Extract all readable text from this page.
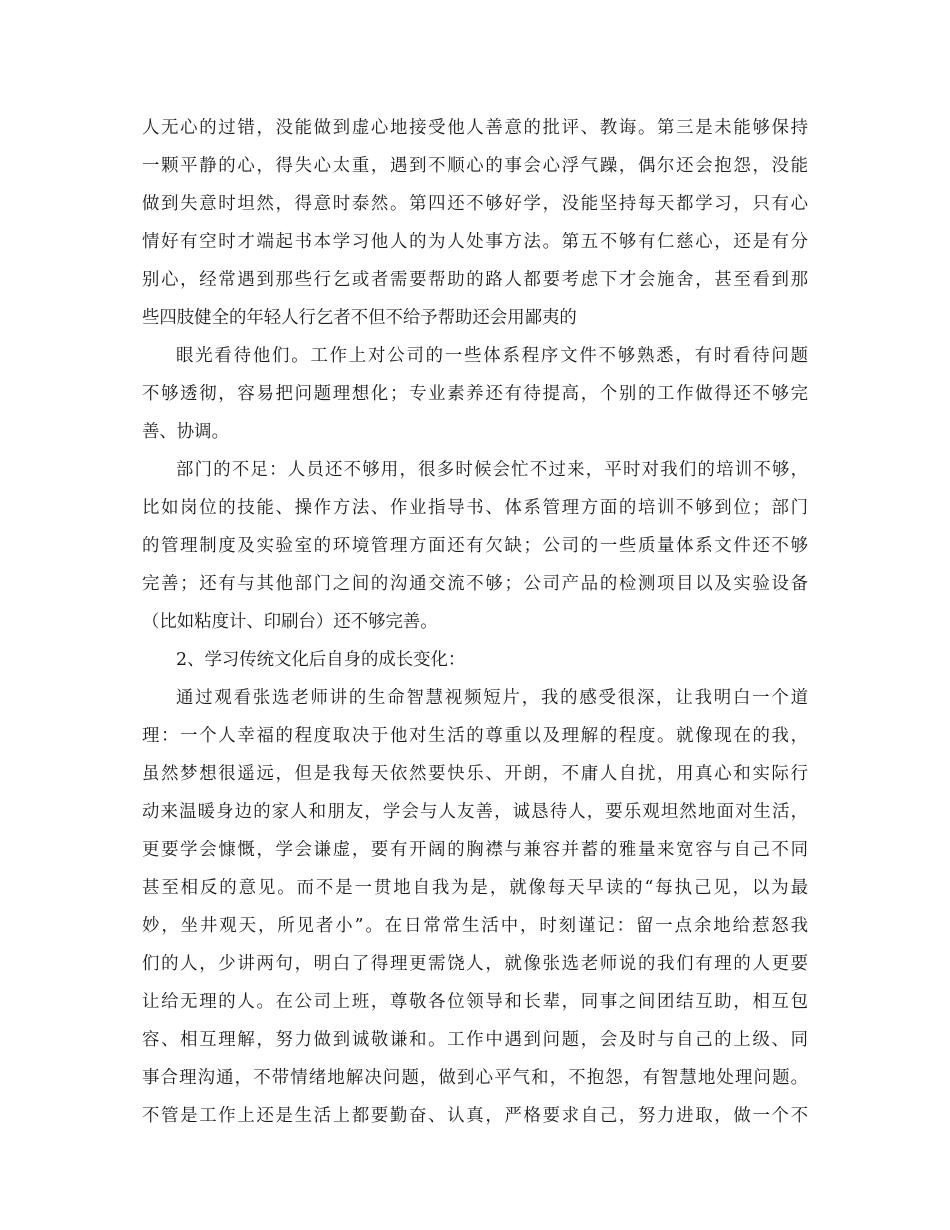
人无心的过错，没能做到虚心地接受他人善意的批评、教诲。第三是未能够保持
一颗平静的心，得失心太重，遇到不顺心的事会心浮气躁，偶尔还会抱怨，没能
做到失意时坦然，得意时泰然。第四还不够好学，没能坚持每天都学习，只有心
情好有空时才端起书本学习他人的为人处事方法。第五不够有仁慈心，还是有分
别心，经常遇到那些行乞或者需要帮助的路人都要考虑下才会施舍，甚至看到那
些四肢健全的年轻人行乞者不但不给予帮助还会用鄙夷的
眼光看待他们。工作上对公司的一些体系程序文件不够熟悉，有时看待问题
不够透彻，容易把问题理想化；专业素养还有待提高，个别的工作做得还不够完
善、协调。
部门的不足：人员还不够用，很多时候会忙不过来，平时对我们的培训不够，
比如岗位的技能、操作方法、作业指导书、体系管理方面的培训不够到位；部门
的管理制度及实验室的环境管理方面还有欠缺；公司的一些质量体系文件还不够
完善；还有与其他部门之间的沟通交流不够；公司产品的检测项目以及实验设备
（比如粘度计、印刷台）还不够完善。
2、学习传统文化后自身的成长变化：
通过观看张选老师讲的生命智慧视频短片，我的感受很深，让我明白一个道
理：一个人幸福的程度取决于他对生活的尊重以及理解的程度。就像现在的我，
虽然梦想很遥远，但是我每天依然要快乐、开朗，不庸人自扰，用真心和实际行
动来温暖身边的家人和朋友，学会与人友善，诚恳待人，要乐观坦然地面对生活，
更要学会慷慨，学会谦虚，要有开阔的胸襟与兼容并蓄的雅量来宽容与自己不同
甚至相反的意见。而不是一贯地自我为是，就像每天早读的“每执己见，以为最
妙，坐井观天，所见者小”。在日常常生活中，时刻谨记：留一点余地给惹怒我
们的人，少讲两句，明白了得理更需饶人，就像张选老师说的我们有理的人更要
让给无理的人。在公司上班，尊敬各位领导和长辈，同事之间团结互助，相互包
容、相互理解，努力做到诚敬谦和。工作中遇到问题，会及时与自己的上级、同
事合理沟通，不带情绪地解决问题，做到心平气和，不抱怨，有智慧地处理问题。
不管是工作上还是生活上都要勤奋、认真，严格要求自己，努力进取，做一个不
